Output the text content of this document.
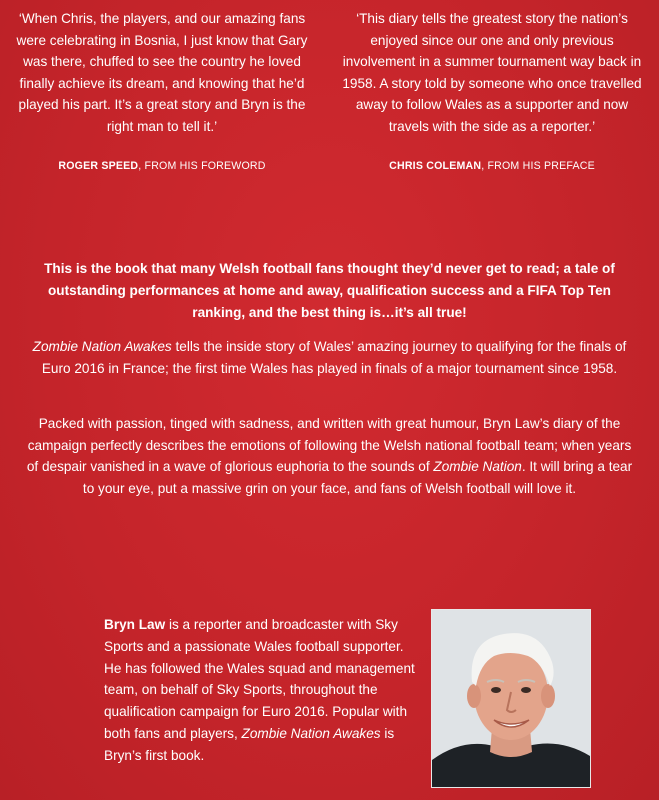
‘When Chris, the players, and our amazing fans were celebrating in Bosnia, I just know that Gary was there, chuffed to see the country he loved finally achieve its dream, and knowing that he’d played his part. It’s a great story and Bryn is the right man to tell it.’
ROGER SPEED, FROM HIS FOREWORD
‘This diary tells the greatest story the nation’s enjoyed since our one and only previous involvement in a summer tournament way back in 1958. A story told by someone who once travelled away to follow Wales as a supporter and now travels with the side as a reporter.’
CHRIS COLEMAN, FROM HIS PREFACE
This is the book that many Welsh football fans thought they’d never get to read; a tale of outstanding performances at home and away, qualification success and a FIFA Top Ten ranking, and the best thing is…it’s all true!
Zombie Nation Awakes tells the inside story of Wales’ amazing journey to qualifying for the finals of Euro 2016 in France; the first time Wales has played in finals of a major tournament since 1958.
Packed with passion, tinged with sadness, and written with great humour, Bryn Law’s diary of the campaign perfectly describes the emotions of following the Welsh national football team; when years of despair vanished in a wave of glorious euphoria to the sounds of Zombie Nation. It will bring a tear to your eye, put a massive grin on your face, and fans of Welsh football will love it.
Bryn Law is a reporter and broadcaster with Sky Sports and a passionate Wales football supporter. He has followed the Wales squad and management team, on behalf of Sky Sports, throughout the qualification campaign for Euro 2016. Popular with both fans and players, Zombie Nation Awakes is Bryn’s first book.
